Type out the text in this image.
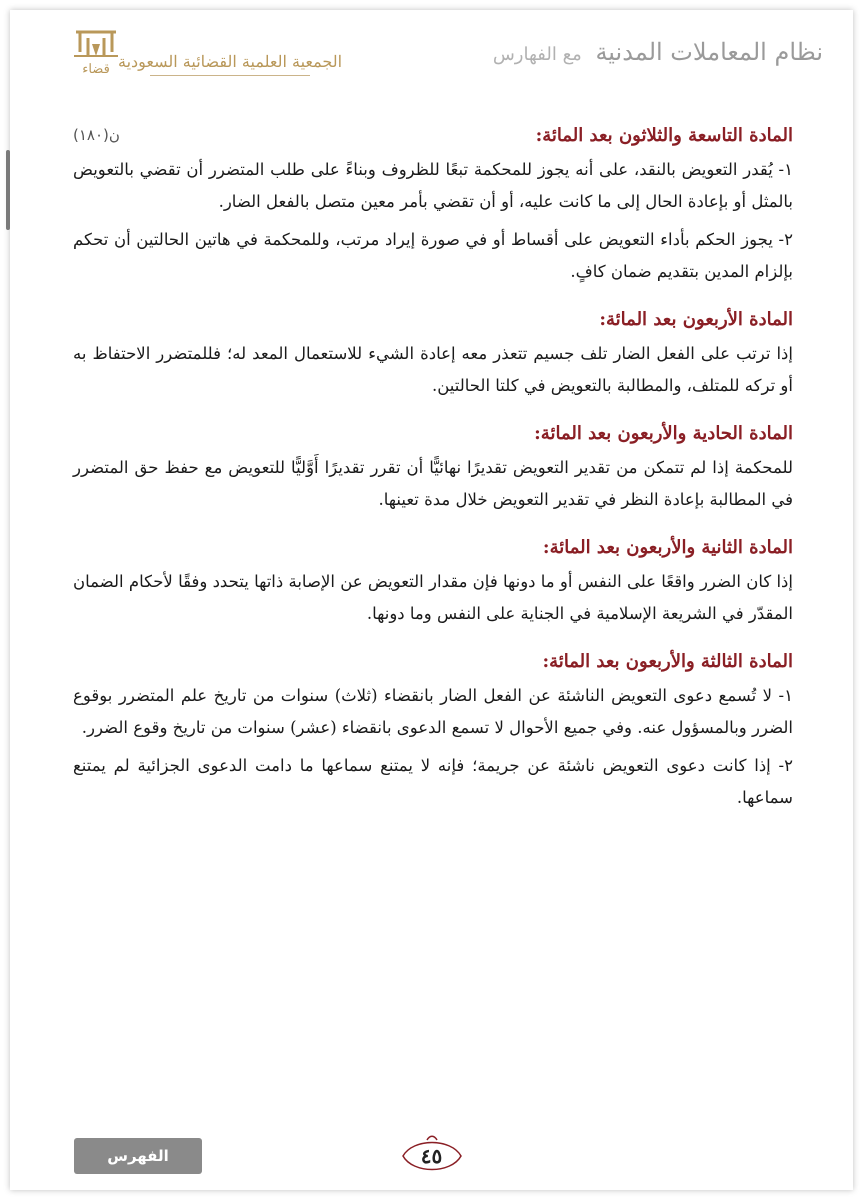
نظام المعاملات المدنية مع الفهارس
الجمعية العلمية القضائية السعودية
قضاء
المادة التاسعة والثلاثون بعد المائة:
ن(١٨٠)

١- يُقدر التعويض بالنقد، على أنه يجوز للمحكمة تبعًا للظروف وبناءً على طلب المتضرر أن تقضي بالتعويض بالمثل أو بإعادة الحال إلى ما كانت عليه، أو أن تقضي بأمر معين متصل بالفعل الضار.

٢- يجوز الحكم بأداء التعويض على أقساط أو في صورة إيراد مرتب، وللمحكمة في هاتين الحالتين أن تحكم بإلزام المدين بتقديم ضمان كافٍ.

المادة الأربعون بعد المائة:

إذا ترتب على الفعل الضار تلف جسيم تتعذر معه إعادة الشيء للاستعمال المعد له؛ فللمتضرر الاحتفاظ به أو تركه للمتلف، والمطالبة بالتعويض في كلتا الحالتين.

المادة الحادية والأربعون بعد المائة:

للمحكمة إذا لم تتمكن من تقدير التعويض تقديرًا نهائيًّا أن تقرر تقديرًا أَوَّليًّا للتعويض مع حفظ حق المتضرر في المطالبة بإعادة النظر في تقدير التعويض خلال مدة تعينها.

المادة الثانية والأربعون بعد المائة:

إذا كان الضرر واقعًا على النفس أو ما دونها فإن مقدار التعويض عن الإصابة ذاتها يتحدد وفقًا لأحكام الضمان المقدّر في الشريعة الإسلامية في الجناية على النفس وما دونها.

المادة الثالثة والأربعون بعد المائة:

١- لا تُسمع دعوى التعويض الناشئة عن الفعل الضار بانقضاء (ثلاث) سنوات من تاريخ علم المتضرر بوقوع الضرر وبالمسؤول عنه. وفي جميع الأحوال لا تسمع الدعوى بانقضاء (عشر) سنوات من تاريخ وقوع الضرر.

٢- إذا كانت دعوى التعويض ناشئة عن جريمة؛ فإنه لا يمتنع سماعها ما دامت الدعوى الجزائية لم يمتنع سماعها.

الفهرس	٤٥
